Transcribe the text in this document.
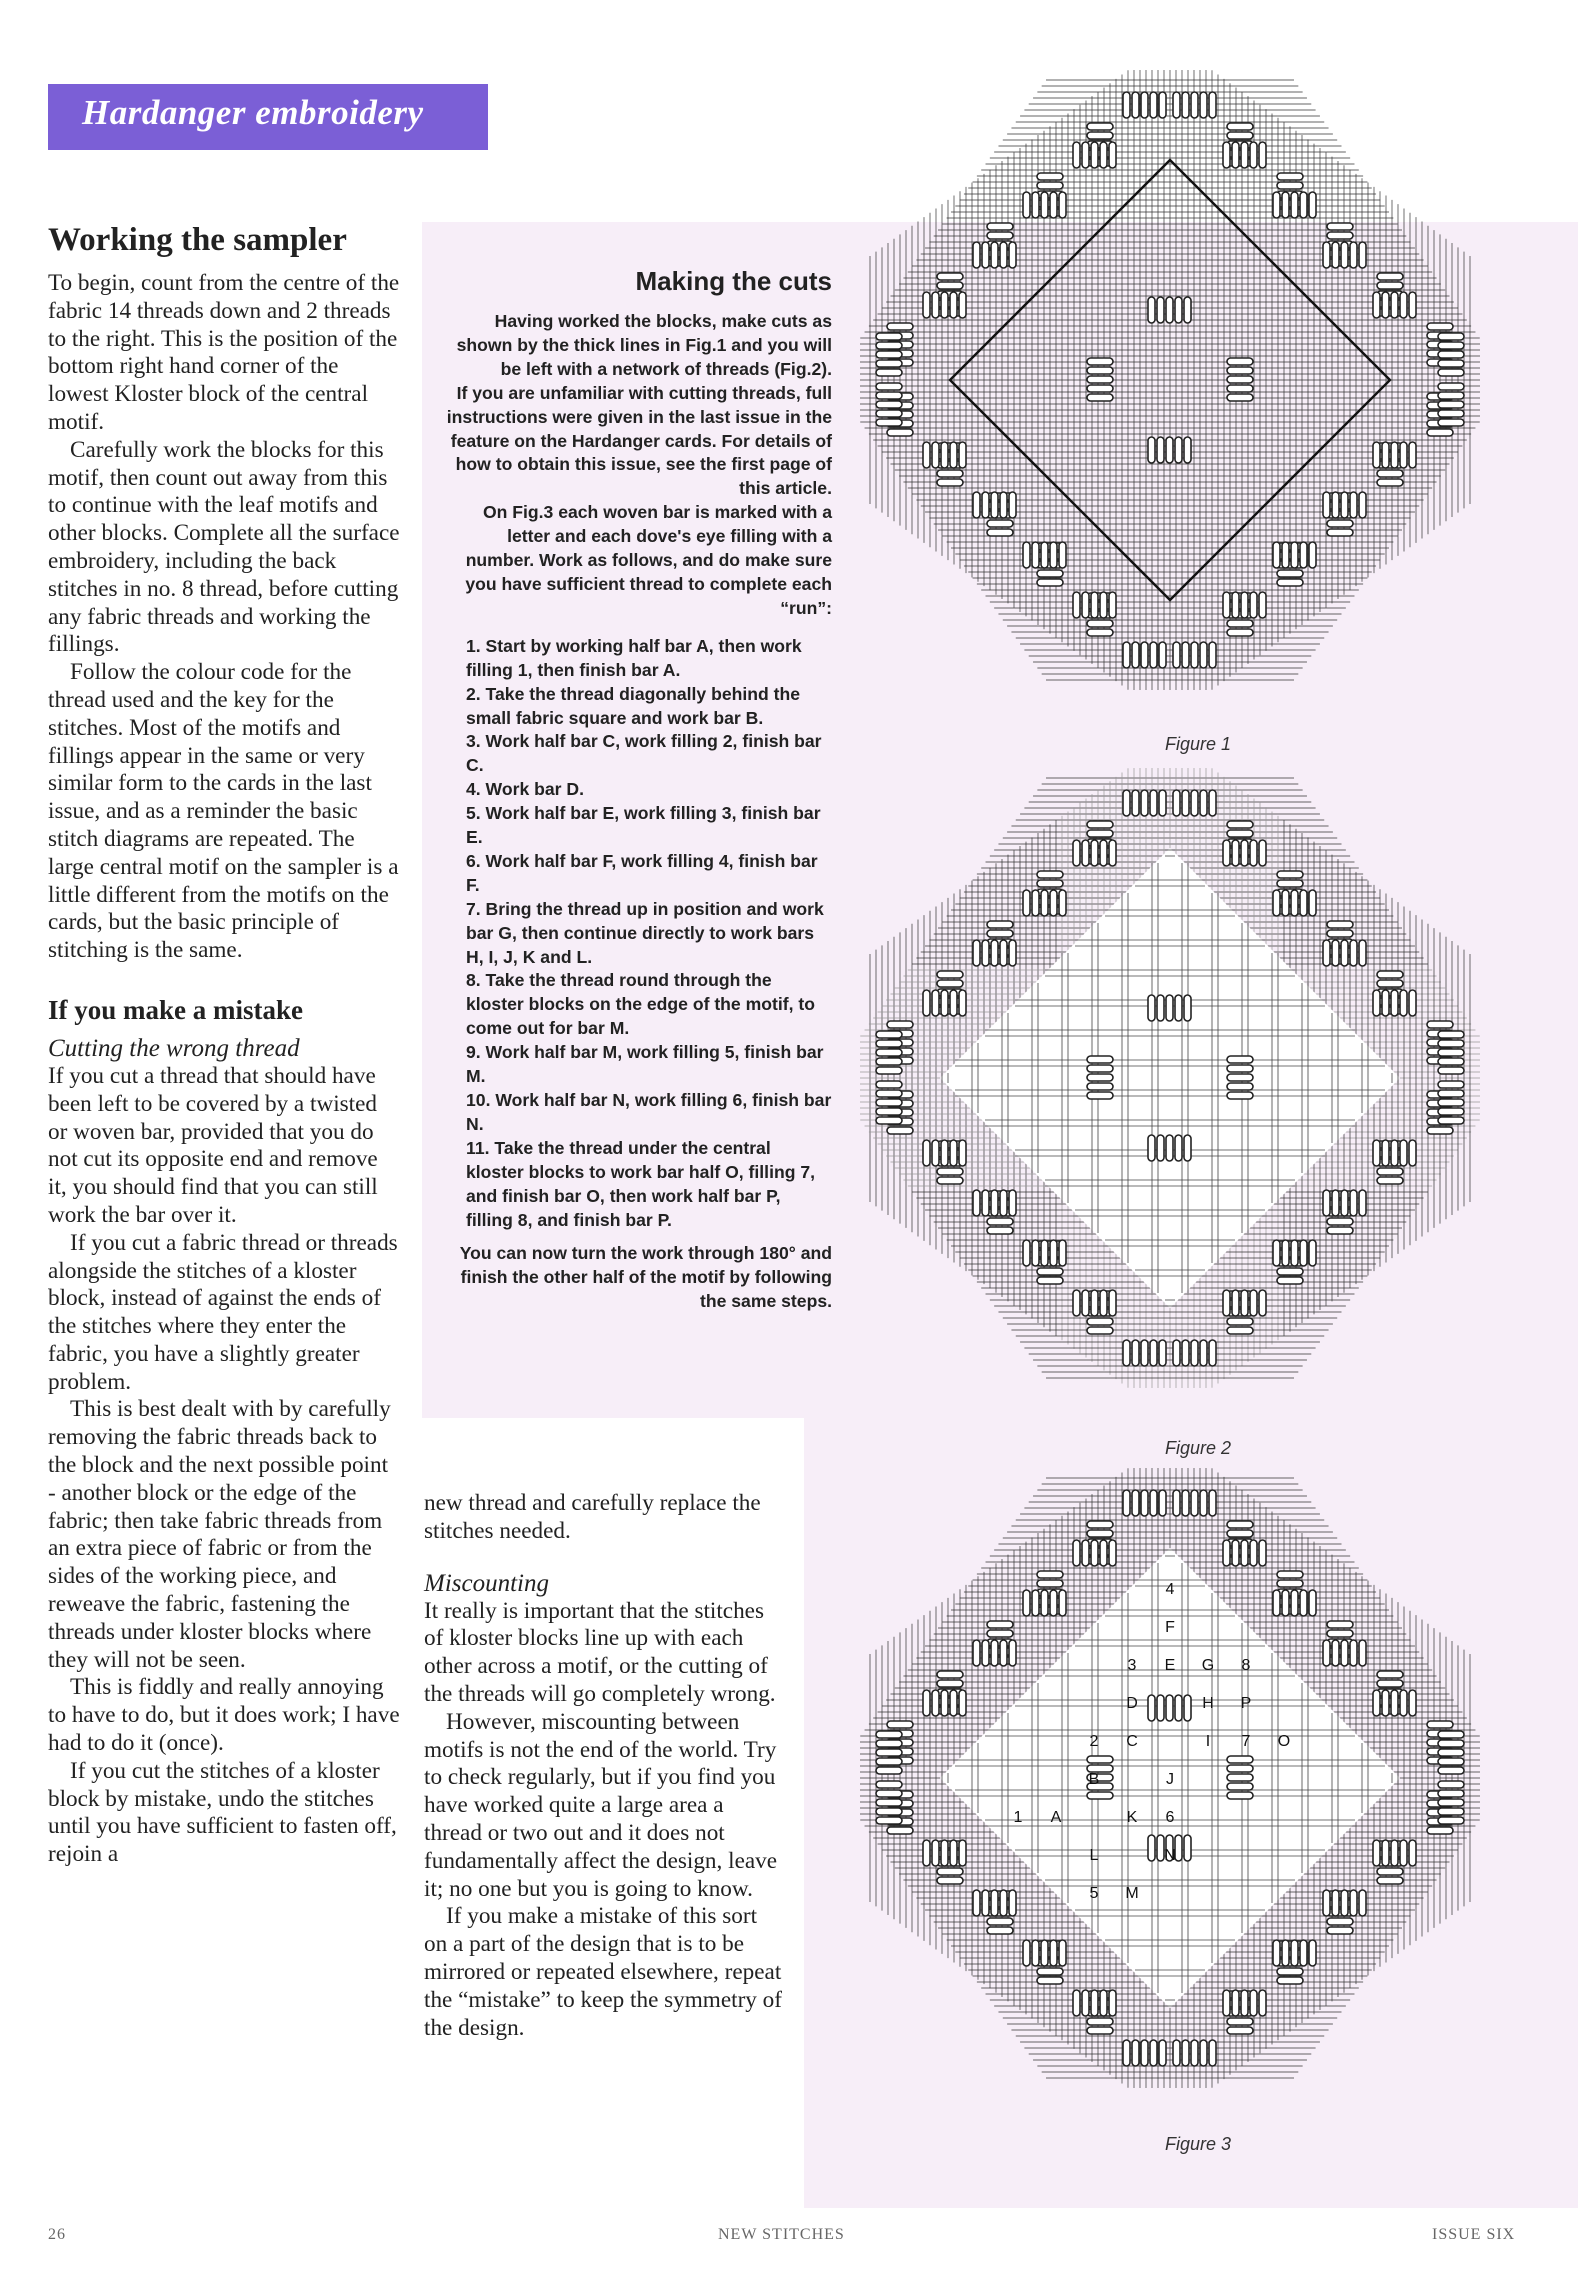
Hardanger embroidery
Working the sampler

To begin, count from the centre of the fabric 14 threads down and 2 threads to the right. This is the position of the bottom right hand corner of the lowest Kloster block of the central motif.

Carefully work the blocks for this motif, then count out away from this to continue with the leaf motifs and other blocks. Complete all the surface embroidery, including the back stitches in no. 8 thread, before cutting any fabric threads and working the fillings.

Follow the colour code for the thread used and the key for the stitches. Most of the motifs and fillings appear in the same or very similar form to the cards in the last issue, and as a reminder the basic stitch diagrams are repeated. The large central motif on the sampler is a little different from the motifs on the cards, but the basic principle of stitching is the same.

If you make a mistake
Cutting the wrong thread

If you cut a thread that should have been left to be covered by a twisted or woven bar, provided that you do not cut its opposite end and remove it, you should find that you can still work the bar over it.

If you cut a fabric thread or threads alongside the stitches of a kloster block, instead of against the ends of the stitches where they enter the fabric, you have a slightly greater problem.

This is best dealt with by carefully removing the fabric threads back to the block and the next possible point - another block or the edge of the fabric; then take fabric threads from an extra piece of fabric or from the sides of the working piece, and reweave the fabric, fastening the threads under kloster blocks where they will not be seen.

This is fiddly and really annoying to have to do, but it does work; I have had to do it (once).

If you cut the stitches of a kloster block by mistake, undo the stitches until you have sufficient to fasten off, rejoin a

Making the cuts

Having worked the blocks, make cuts as shown by the thick lines in Fig.1 and you will be left with a network of threads (Fig.2).

If you are unfamiliar with cutting threads, full instructions were given in the last issue in the feature on the Hardanger cards. For details of how to obtain this issue, see the first page of this article.

On Fig.3 each woven bar is marked with a letter and each dove's eye filling with a number. Work as follows, and do make sure you have sufficient thread to complete each “run”:

1. Start by working half bar A, then work filling 1, then finish bar A.
2. Take the thread diagonally behind the small fabric square and work bar B.
3. Work half bar C, work filling 2, finish bar C.
4. Work bar D.
5. Work half bar E, work filling 3, finish bar E.
6. Work half bar F, work filling 4, finish bar F.
7. Bring the thread up in position and work bar G, then continue directly to work bars H, I, J, K and L.
8. Take the thread round through the kloster blocks on the edge of the motif, to come out for bar M.
9. Work half bar M, work filling 5, finish bar M.
10. Work half bar N, work filling 6, finish bar N.
11. Take the thread under the central kloster blocks to work bar half O, filling 7, and finish bar O, then work half bar P, filling 8, and finish bar P.

You can now turn the work through 180° and finish the other half of the motif by following the same steps.

new thread and carefully replace the stitches needed.

Miscounting

It really is important that the stitches of kloster blocks line up with each other across a motif, or the cutting of the threads will go completely wrong.

However, miscounting between motifs is not the end of the world. Try to check regularly, but if you find you have worked quite a large area a thread or two out and it does not fundamentally affect the design, leave it; no one but you is going to know.

If you make a mistake of this sort on a part of the design that is to be mirrored or repeated elsewhere, repeat the “mistake” to keep the symmetry of the design.

Figure 1
Figure 2
4
F
3 E G 8
D	H P
2 C	I 7 O
B	J
1 A	K 6
L	N
5 M
Figure 3
26	NEW STITCHES	ISSUE SIX
